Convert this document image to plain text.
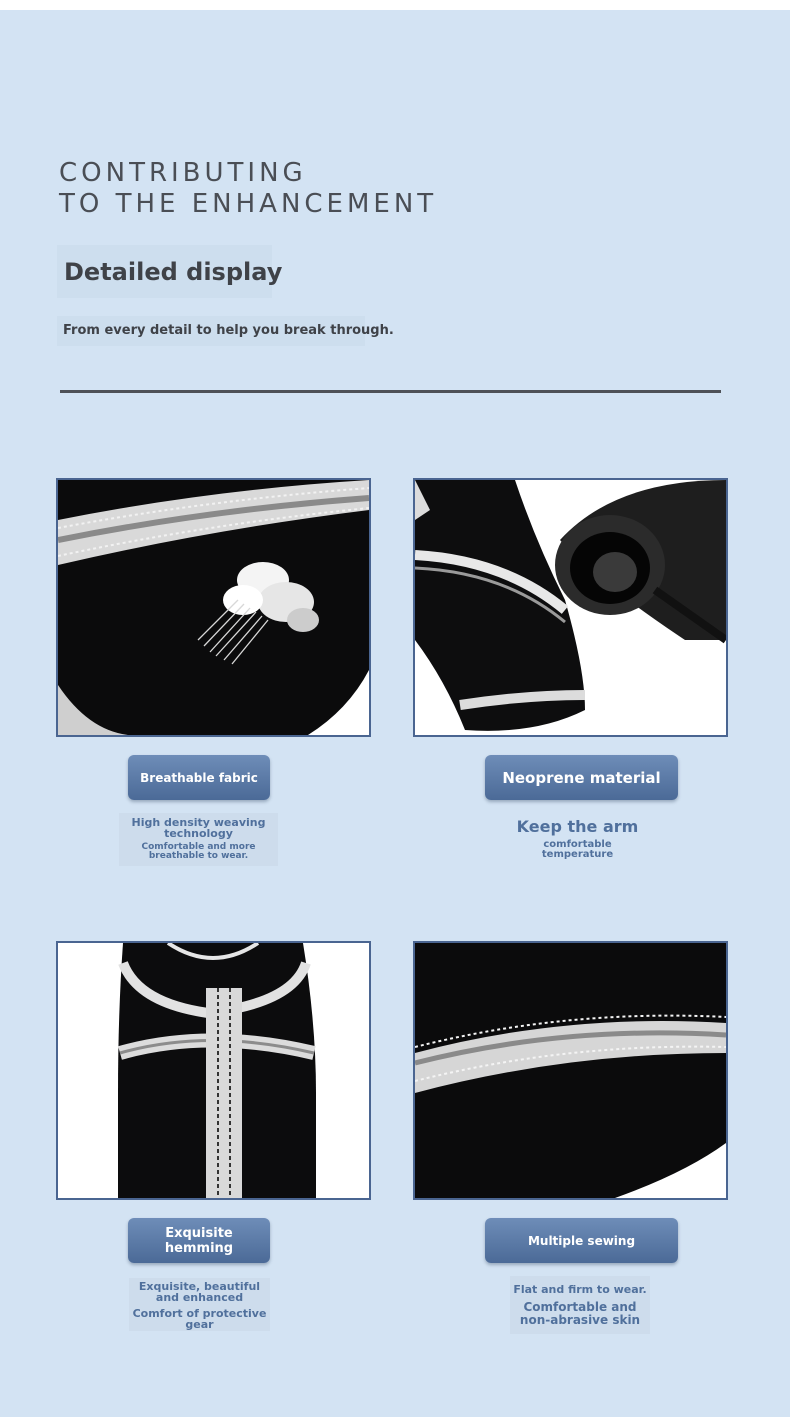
CONTRIBUTING
TO THE ENHANCEMENT
Detailed display
From every detail to help you break through.
Breathable fabric
High density weaving technology
Comfortable and more breathable to wear.
Neoprene material
Keep the arm
comfortable temperature
Exquisite
hemming
Exquisite, beautiful and enhanced
Comfort of protective gear
Multiple sewing
Flat and firm to wear.
Comfortable and non-abrasive skin
